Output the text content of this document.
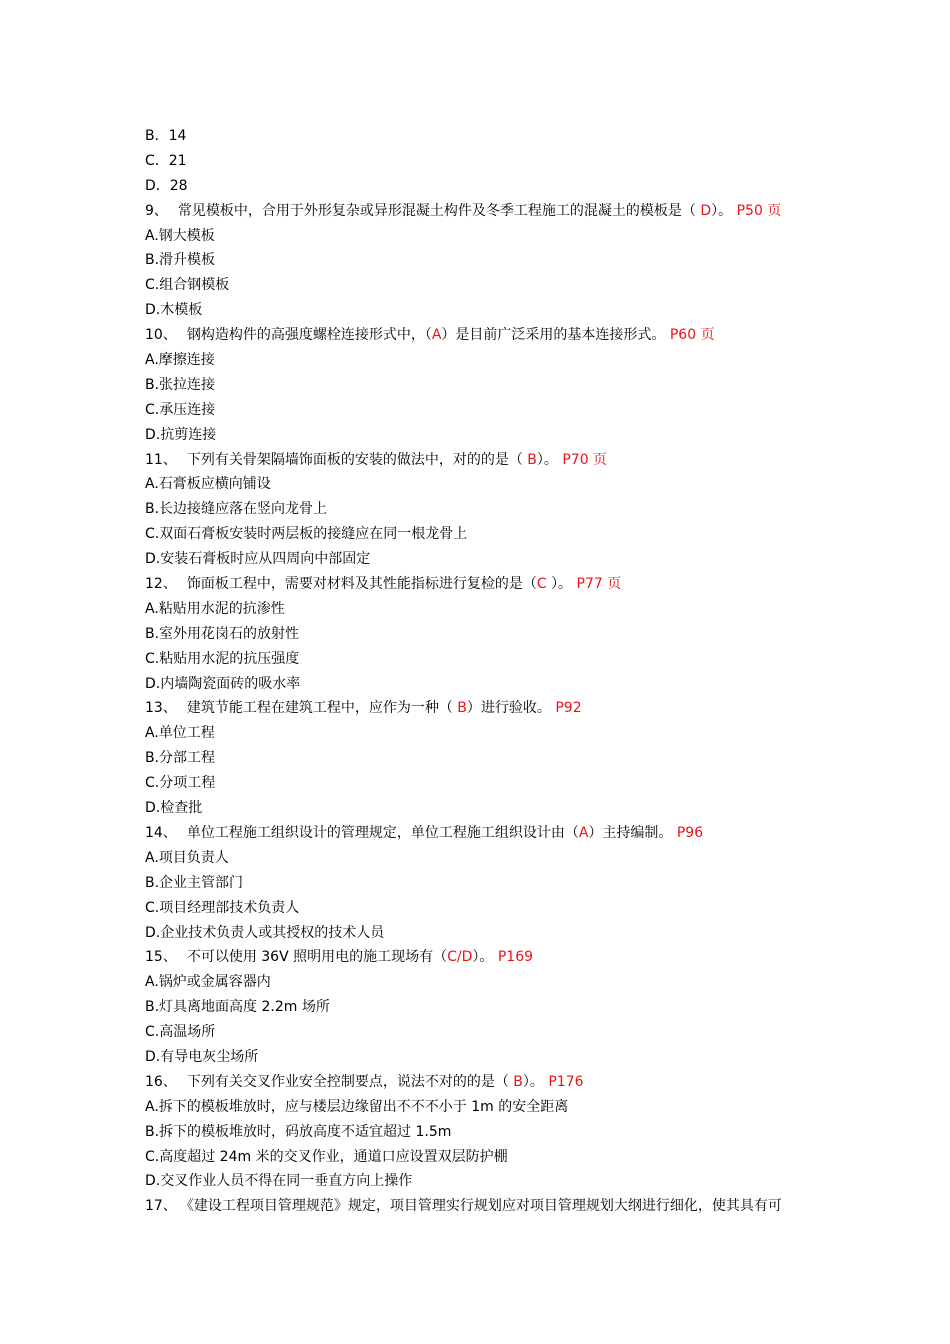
B．14
C．21
D．28
9、 常见模板中，合用于外形复杂或异形混凝土构件及冬季工程施工的混凝土的模板是（ D）。 P50 页
A.钢大模板
B.滑升模板
C.组合钢模板
D.木模板
10、 钢构造构件的高强度螺栓连接形式中，（A）是目前广泛采用的基本连接形式。 P60 页
A.摩擦连接
B.张拉连接
C.承压连接
D.抗剪连接
11、 下列有关骨架隔墙饰面板的安装的做法中，对的的是（ B）。 P70 页
A.石膏板应横向铺设
B.长边接缝应落在竖向龙骨上
C.双面石膏板安装时两层板的接缝应在同一根龙骨上
D.安装石膏板时应从四周向中部固定
12、 饰面板工程中，需要对材料及其性能指标进行复检的是（C ）。 P77 页
A.粘贴用水泥的抗渗性
B.室外用花岗石的放射性
C.粘贴用水泥的抗压强度
D.内墙陶瓷面砖的吸水率
13、 建筑节能工程在建筑工程中，应作为一种（ B）进行验收。 P92
A.单位工程
B.分部工程
C.分项工程
D.检查批
14、 单位工程施工组织设计的管理规定，单位工程施工组织设计由（A）主持编制。 P96
A.项目负责人
B.企业主管部门
C.项目经理部技术负责人
D.企业技术负责人或其授权的技术人员
15、 不可以使用 36V 照明用电的施工现场有（C/D）。 P169
A.锅炉或金属容器内
B.灯具离地面高度 2.2m 场所
C.高温场所
D.有导电灰尘场所
16、 下列有关交叉作业安全控制要点，说法不对的的是（ B）。 P176
A.拆下的模板堆放时，应与楼层边缘留出不不不小于 1m 的安全距离
B.拆下的模板堆放时，码放高度不适宜超过 1.5m
C.高度超过 24m 米的交叉作业，通道口应设置双层防护棚
D.交叉作业人员不得在同一垂直方向上操作
17、 《建设工程项目管理规范》规定，项目管理实行规划应对项目管理规划大纲进行细化，使其具有可
